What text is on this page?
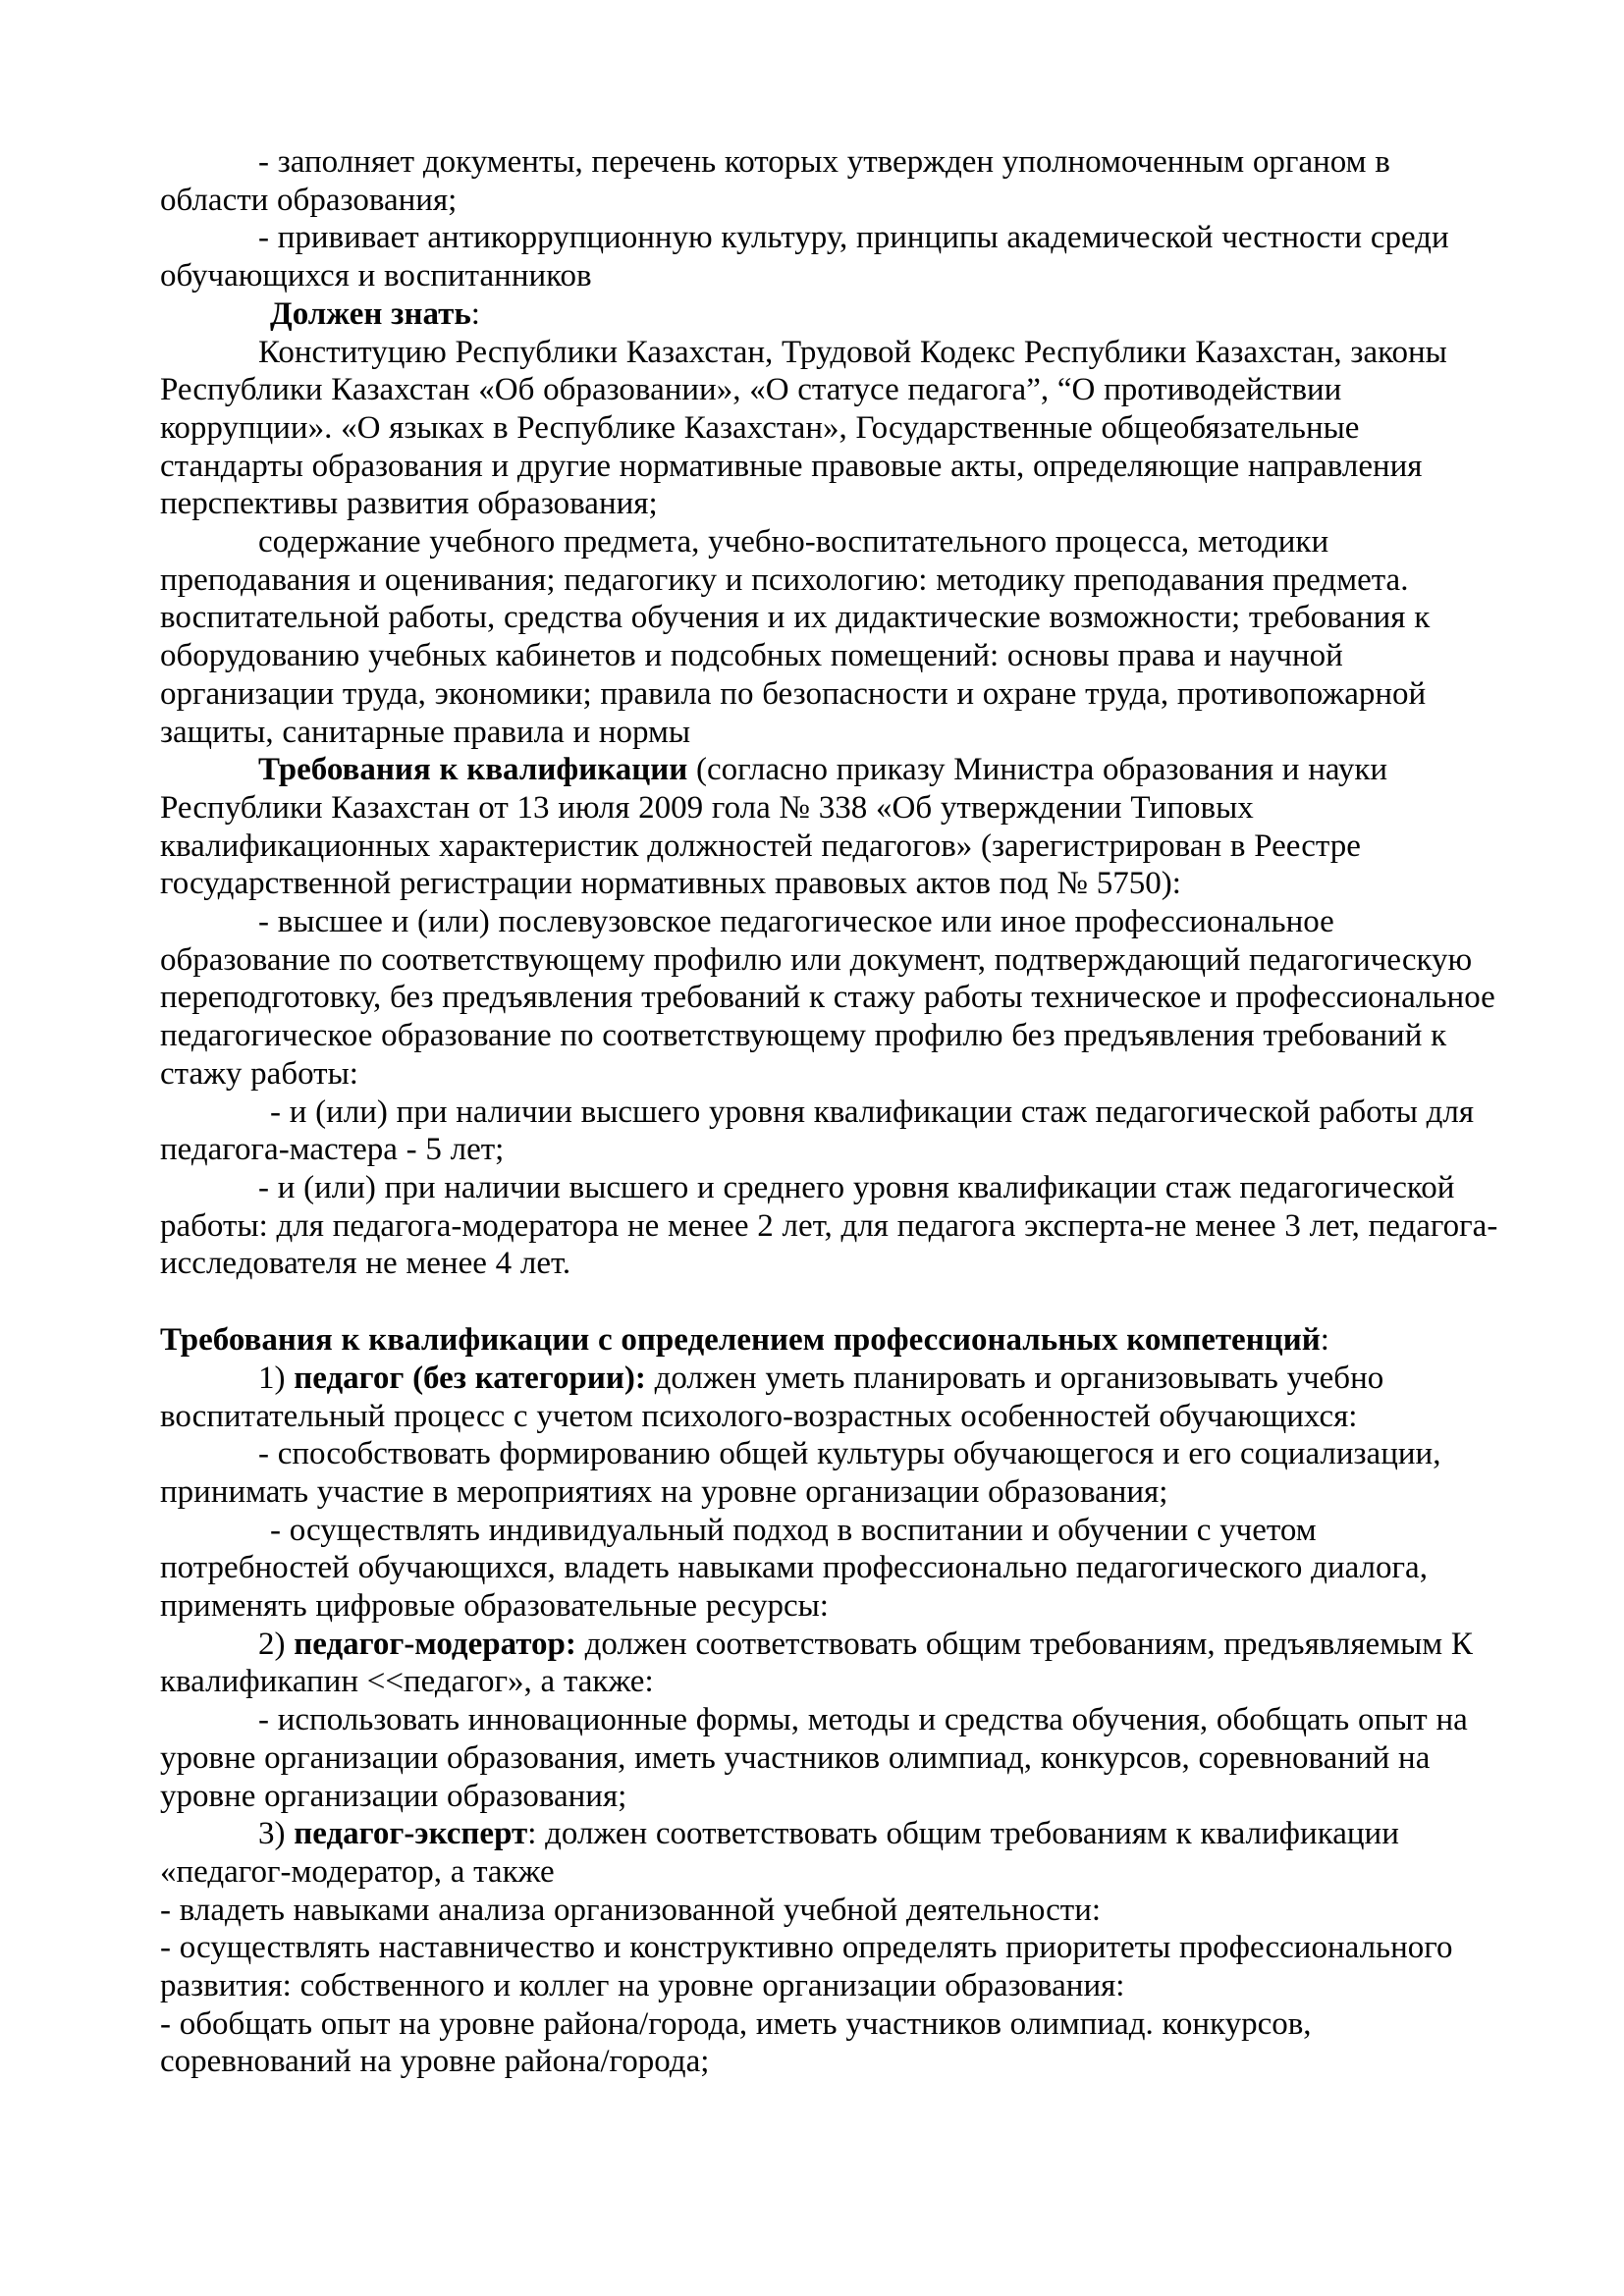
- заполняет документы, перечень которых утвержден уполномоченным органом в области образования;

- прививает антикоррупционную культуру, принципы академической честности среди обучающихся и воспитанников

Должен знать:

Конституцию Республики Казахстан, Трудовой Кодекс Республики Казахстан, законы Республики Казахстан «Об образовании», «О статусе педагога”, “О противодействии коррупции». «О языках в Республике Казахстан», Государственные общеобязательные стандарты образования и другие нормативные правовые акты, определяющие направления перспективы развития образования;

содержание учебного предмета, учебно-воспитательного процесса, методики преподавания и оценивания; педагогику и психологию: методику преподавания предмета. воспитательной работы, средства обучения и их дидактические возможности; требования к оборудованию учебных кабинетов и подсобных помещений: основы права и научной организации труда, экономики; правила по безопасности и охране труда, противопожарной защиты, санитарные правила и нормы

Требования к квалификации (согласно приказу Министра образования и науки Республики Казахстан от 13 июля 2009 гола № 338 «Об утверждении Типовых квалификационных характеристик должностей педагогов» (зарегистрирован в Реестре государственной регистрации нормативных правовых актов под № 5750):

- высшее и (или) послевузовское педагогическое или иное профессиональное образование по соответствующему профилю или документ, подтверждающий педагогическую переподготовку, без предъявления требований к стажу работы техническое и профессиональное педагогическое образование по соответствующему профилю без предъявления требований к стажу работы:

- и (или) при наличии высшего уровня квалификации стаж педагогической работы для педагога-мастера - 5 лет;

- и (или) при наличии высшего и среднего уровня квалификации стаж педагогической работы: для педагога-модератора не менее 2 лет, для педагога эксперта-не менее 3 лет, педагога-исследователя не менее 4 лет.

Требования к квалификации с определением профессиональных компетенций:

1) педагог (без категории): должен уметь планировать и организовывать учебно воспитательный процесс с учетом психолого-возрастных особенностей обучающихся:

- способствовать формированию общей культуры обучающегося и его социализации, принимать участие в мероприятиях на уровне организации образования;

- осуществлять индивидуальный подход в воспитании и обучении с учетом потребностей обучающихся, владеть навыками профессионально педагогического диалога, применять цифровые образовательные ресурсы:

2) педагог-модератор: должен соответствовать общим требованиям, предъявляемым К квалификапин <<педагог», а также:

- использовать инновационные формы, методы и средства обучения, обобщать опыт на уровне организации образования, иметь участников олимпиад, конкурсов, соревнований на уровне организации образования;

3) педагог-эксперт: должен соответствовать общим требованиям к квалификации «педагог-модератор, а также

- владеть навыками анализа организованной учебной деятельности:

- осуществлять наставничество и конструктивно определять приоритеты профессионального развития: собственного и коллег на уровне организации образования:

- обобщать опыт на уровне района/города, иметь участников олимпиад. конкурсов, соревнований на уровне района/города;
